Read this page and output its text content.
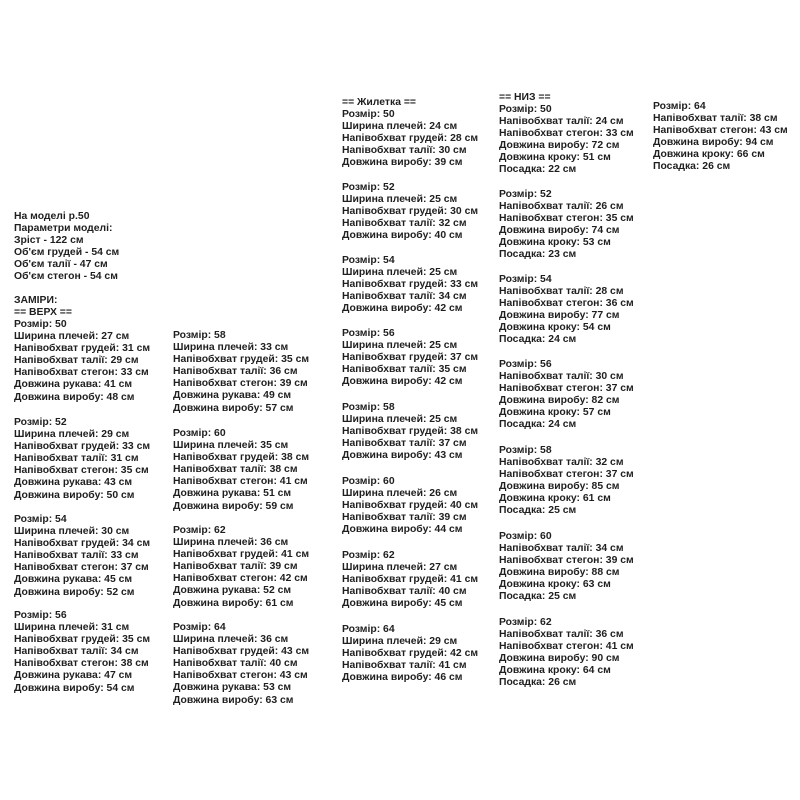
На моделі р.50
Параметри моделі:
Зріст - 122 см
Об'єм грудей - 54 см
Об'єм талії - 47 см
Об'єм стегон - 54 см
ЗАМІРИ:
== ВЕРХ ==
Розмір: 50
Ширина плечей: 27 см
Напівобхват грудей: 31 см
Напівобхват талії: 29 см
Напівобхват стегон: 33 см
Довжина рукава: 41 см
Довжина виробу: 48 см
Розмір: 52
Ширина плечей: 29 см
Напівобхват грудей: 33 см
Напівобхват талії: 31 см
Напівобхват стегон: 35 см
Довжина рукава: 43 см
Довжина виробу: 50 см
Розмір: 54
Ширина плечей: 30 см
Напівобхват грудей: 34 см
Напівобхват талії: 33 см
Напівобхват стегон: 37 см
Довжина рукава: 45 см
Довжина виробу: 52 см
Розмір: 56
Ширина плечей: 31 см
Напівобхват грудей: 35 см
Напівобхват талії: 34 см
Напівобхват стегон: 38 см
Довжина рукава: 47 см
Довжина виробу: 54 см
Розмір: 58
Ширина плечей: 33 см
Напівобхват грудей: 35 см
Напівобхват талії: 36 см
Напівобхват стегон: 39 см
Довжина рукава: 49 см
Довжина виробу: 57 см
Розмір: 60
Ширина плечей: 35 см
Напівобхват грудей: 38 см
Напівобхват талії: 38 см
Напівобхват стегон: 41 см
Довжина рукава: 51 см
Довжина виробу: 59 см
Розмір: 62
Ширина плечей: 36 см
Напівобхват грудей: 41 см
Напівобхват талії: 39 см
Напівобхват стегон: 42 см
Довжина рукава: 52 см
Довжина виробу: 61 см
Розмір: 64
Ширина плечей: 36 см
Напівобхват грудей: 43 см
Напівобхват талії: 40 см
Напівобхват стегон: 43 см
Довжина рукава: 53 см
Довжина виробу: 63 см
== Жилетка ==
Розмір: 50
Ширина плечей: 24 см
Напівобхват грудей: 28 см
Напівобхват талії: 30 см
Довжина виробу: 39 см
Розмір: 52
Ширина плечей: 25 см
Напівобхват грудей: 30 см
Напівобхват талії: 32 см
Довжина виробу: 40 см
Розмір: 54
Ширина плечей: 25 см
Напівобхват грудей: 33 см
Напівобхват талії: 34 см
Довжина виробу: 42 см
Розмір: 56
Ширина плечей: 25 см
Напівобхват грудей: 37 см
Напівобхват талії: 35 см
Довжина виробу: 42 см
Розмір: 58
Ширина плечей: 25 см
Напівобхват грудей: 38 см
Напівобхват талії: 37 см
Довжина виробу: 43 см
Розмір: 60
Ширина плечей: 26 см
Напівобхват грудей: 40 см
Напівобхват талії: 39 см
Довжина виробу: 44 см
Розмір: 62
Ширина плечей: 27 см
Напівобхват грудей: 41 см
Напівобхват талії: 40 см
Довжина виробу: 45 см
Розмір: 64
Ширина плечей: 29 см
Напівобхват грудей: 42 см
Напівобхват талії: 41 см
Довжина виробу: 46 см
== НИЗ ==
Розмір: 50
Напівобхват талії: 24 см
Напівобхват стегон: 33 см
Довжина виробу: 72 см
Довжина кроку: 51 см
Посадка: 22 см
Розмір: 52
Напівобхват талії: 26 см
Напівобхват стегон: 35 см
Довжина виробу: 74 см
Довжина кроку: 53 см
Посадка: 23 см
Розмір: 54
Напівобхват талії: 28 см
Напівобхват стегон: 36 см
Довжина виробу: 77 см
Довжина кроку: 54 см
Посадка: 24 см
Розмір: 56
Напівобхват талії: 30 см
Напівобхват стегон: 37 см
Довжина виробу: 82 см
Довжина кроку: 57 см
Посадка: 24 см
Розмір: 58
Напівобхват талії: 32 см
Напівобхват стегон: 37 см
Довжина виробу: 85 см
Довжина кроку: 61 см
Посадка: 25 см
Розмір: 60
Напівобхват талії: 34 см
Напівобхват стегон: 39 см
Довжина виробу: 88 см
Довжина кроку: 63 см
Посадка: 25 см
Розмір: 62
Напівобхват талії: 36 см
Напівобхват стегон: 41 см
Довжина виробу: 90 см
Довжина кроку: 64 см
Посадка: 26 см
Розмір: 64
Напівобхват талії: 38 см
Напівобхват стегон: 43 см
Довжина виробу: 94 см
Довжина кроку: 66 см
Посадка: 26 см
